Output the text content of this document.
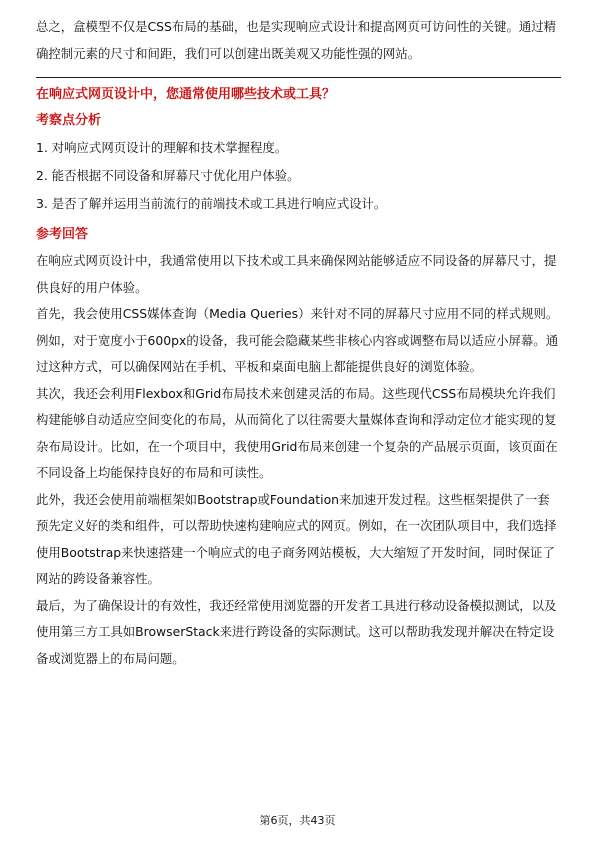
总之，盒模型不仅是CSS布局的基础，也是实现响应式设计和提高网页可访问性的关键。通过精确控制元素的尺寸和间距，我们可以创建出既美观又功能性强的网站。

在响应式网页设计中，您通常使用哪些技术或工具？
考察点分析
1. 对响应式网页设计的理解和技术掌握程度。
2. 能否根据不同设备和屏幕尺寸优化用户体验。
3. 是否了解并运用当前流行的前端技术或工具进行响应式设计。
参考回答

在响应式网页设计中，我通常使用以下技术或工具来确保网站能够适应不同设备的屏幕尺寸，提供良好的用户体验。

首先，我会使用CSS媒体查询（Media Queries）来针对不同的屏幕尺寸应用不同的样式规则。例如，对于宽度小于600px的设备，我可能会隐藏某些非核心内容或调整布局以适应小屏幕。通过这种方式，可以确保网站在手机、平板和桌面电脑上都能提供良好的浏览体验。

其次，我还会利用Flexbox和Grid布局技术来创建灵活的布局。这些现代CSS布局模块允许我们构建能够自动适应空间变化的布局，从而简化了以往需要大量媒体查询和浮动定位才能实现的复杂布局设计。比如，在一个项目中，我使用Grid布局来创建一个复杂的产品展示页面，该页面在不同设备上均能保持良好的布局和可读性。

此外，我还会使用前端框架如Bootstrap或Foundation来加速开发过程。这些框架提供了一套预先定义好的类和组件，可以帮助快速构建响应式的网页。例如，在一次团队项目中，我们选择使用Bootstrap来快速搭建一个响应式的电子商务网站模板，大大缩短了开发时间，同时保证了网站的跨设备兼容性。

最后，为了确保设计的有效性，我还经常使用浏览器的开发者工具进行移动设备模拟测试，以及使用第三方工具如BrowserStack来进行跨设备的实际测试。这可以帮助我发现并解决在特定设备或浏览器上的布局问题。

第6页，共43页
